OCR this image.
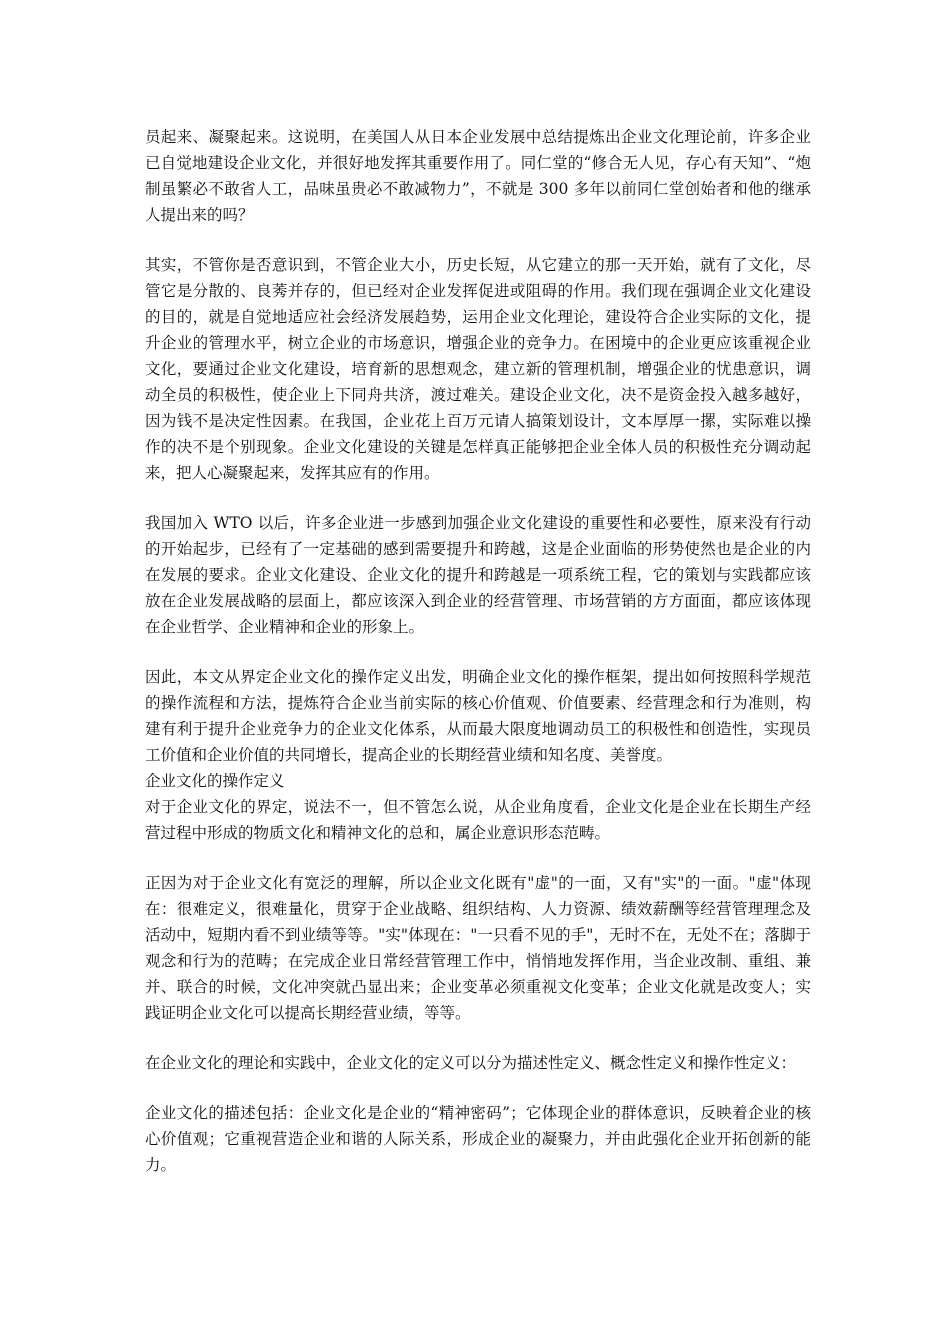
员起来、凝聚起来。这说明，在美国人从日本企业发展中总结提炼出企业文化理论前，许多企业已自觉地建设企业文化，并很好地发挥其重要作用了。同仁堂的“修合无人见，存心有天知”、“炮制虽繁必不敢省人工，品味虽贵必不敢减物力”，不就是 300 多年以前同仁堂创始者和他的继承人提出来的吗？

其实，不管你是否意识到，不管企业大小，历史长短，从它建立的那一天开始，就有了文化，尽管它是分散的、良莠并存的，但已经对企业发挥促进或阻碍的作用。我们现在强调企业文化建设的目的，就是自觉地适应社会经济发展趋势，运用企业文化理论，建设符合企业实际的文化，提升企业的管理水平，树立企业的市场意识，增强企业的竞争力。在困境中的企业更应该重视企业文化，要通过企业文化建设，培育新的思想观念，建立新的管理机制，增强企业的忧患意识，调动全员的积极性，使企业上下同舟共济，渡过难关。建设企业文化，决不是资金投入越多越好，因为钱不是决定性因素。在我国，企业花上百万元请人搞策划设计，文本厚厚一摞，实际难以操作的决不是个别现象。企业文化建设的关键是怎样真正能够把企业全体人员的积极性充分调动起来，把人心凝聚起来，发挥其应有的作用。

我国加入 WTO 以后，许多企业进一步感到加强企业文化建设的重要性和必要性，原来没有行动的开始起步，已经有了一定基础的感到需要提升和跨越，这是企业面临的形势使然也是企业的内在发展的要求。企业文化建设、企业文化的提升和跨越是一项系统工程，它的策划与实践都应该放在企业发展战略的层面上，都应该深入到企业的经营管理、市场营销的方方面面，都应该体现在企业哲学、企业精神和企业的形象上。

因此，本文从界定企业文化的操作定义出发，明确企业文化的操作框架，提出如何按照科学规范的操作流程和方法，提炼符合企业当前实际的核心价值观、价值要素、经营理念和行为准则，构建有利于提升企业竞争力的企业文化体系，从而最大限度地调动员工的积极性和创造性，实现员工价值和企业价值的共同增长，提高企业的长期经营业绩和知名度、美誉度。

企业文化的操作定义

对于企业文化的界定，说法不一，但不管怎么说，从企业角度看，企业文化是企业在长期生产经营过程中形成的物质文化和精神文化的总和，属企业意识形态范畴。

正因为对于企业文化有宽泛的理解，所以企业文化既有"虚"的一面，又有"实"的一面。"虚"体现在：很难定义，很难量化，贯穿于企业战略、组织结构、人力资源、绩效薪酬等经营管理理念及活动中，短期内看不到业绩等等。"实"体现在："一只看不见的手"，无时不在，无处不在；落脚于观念和行为的范畴；在完成企业日常经营管理工作中，悄悄地发挥作用，当企业改制、重组、兼并、联合的时候，文化冲突就凸显出来；企业变革必须重视文化变革；企业文化就是改变人；实践证明企业文化可以提高长期经营业绩，等等。

在企业文化的理论和实践中，企业文化的定义可以分为描述性定义、概念性定义和操作性定义：

企业文化的描述包括：企业文化是企业的“精神密码”；它体现企业的群体意识，反映着企业的核心价值观；它重视营造企业和谐的人际关系，形成企业的凝聚力，并由此强化企业开拓创新的能力。
